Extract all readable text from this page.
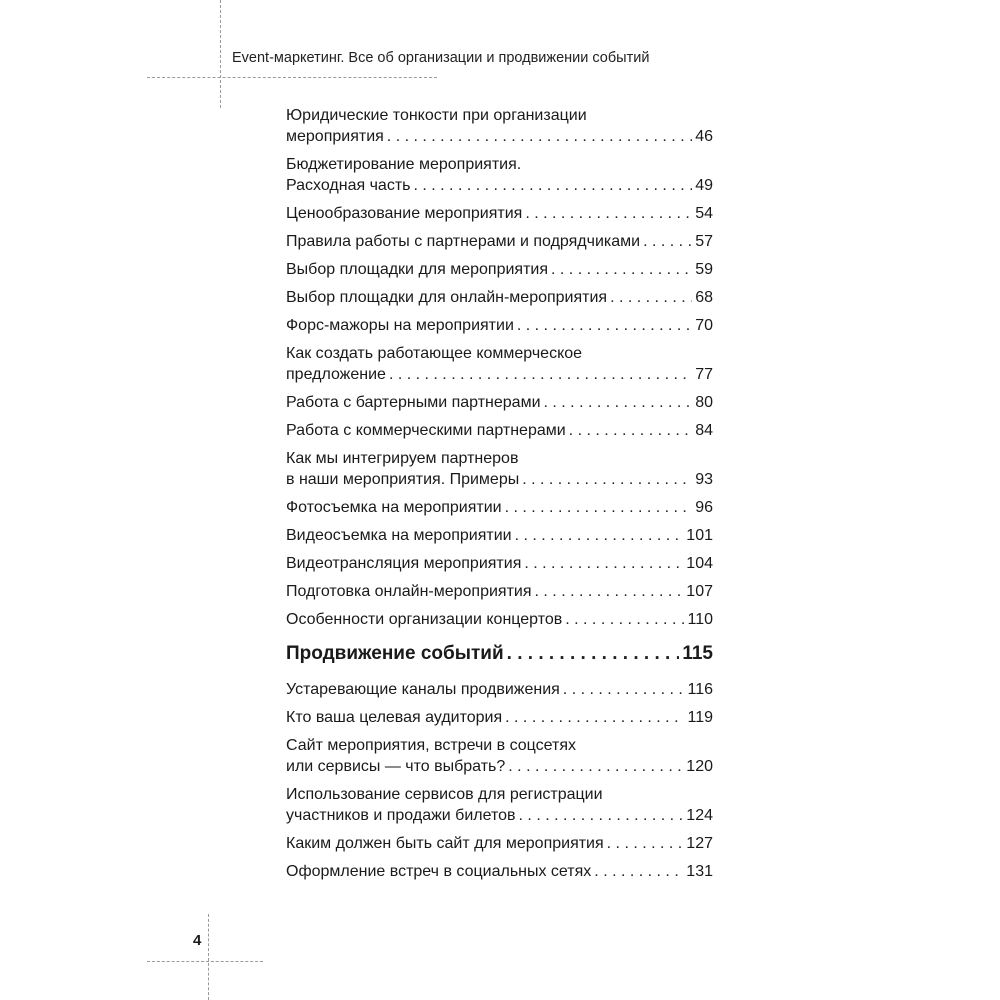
Event-маркетинг. Все об организации и продвижении событий
4
Юридические тонкости при организации
мероприятия . . .	46
Бюджетирование мероприятия.
Расходная часть . . .	49
Ценообразование мероприятия . . .	54
Правила работы с партнерами и подрядчиками . . .	57
Выбор площадки для мероприятия . . .	59
Выбор площадки для онлайн-мероприятия . . .	68
Форс-мажоры на мероприятии . . .	70
Как создать работающее коммерческое
предложение . . .	77
Работа с бартерными партнерами . . .	80
Работа с коммерческими партнерами . . .	84
Как мы интегрируем партнеров
в наши мероприятия. Примеры . . .	93
Фотосъемка на мероприятии . . .	96
Видеосъемка на мероприятии . . .	101
Видеотрансляция мероприятия . . .	104
Подготовка онлайн-мероприятия . . .	107
Особенности организации концертов . . .	110
Продвижение событий . . .	115
Устаревающие каналы продвижения . . .	116
Кто ваша целевая аудитория . . .	119
Сайт мероприятия, встречи в соцсетях
или сервисы — что выбрать? . . .	120
Использование сервисов для регистрации
участников и продажи билетов . . .	124
Каким должен быть сайт для мероприятия . . .	127
Оформление встреч в социальных сетях . . .	131
